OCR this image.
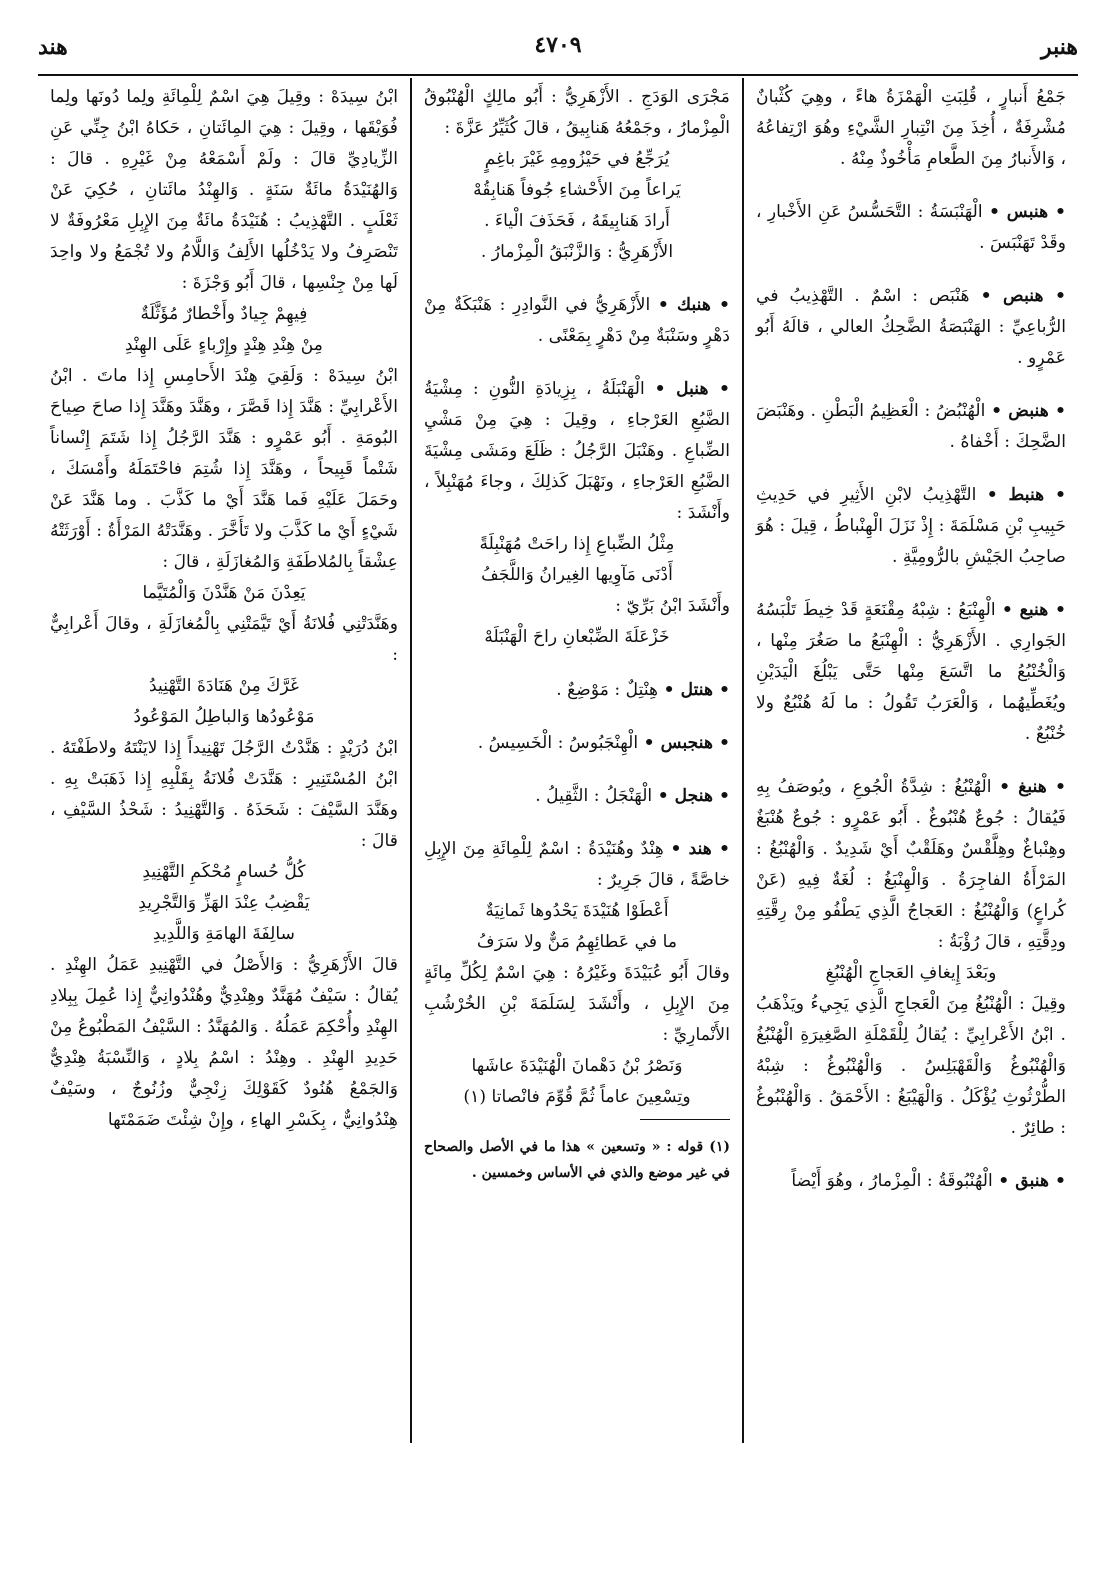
هنبر
٤٧٠٩
هند

جَمْعُ أَنبارٍ ، قُلِبَتِ الْهَمْزَةُ هاءً ، وهِيَ كُثْبانٌ مُشْرِفَةٌ ، أُخِذَ مِنَ انْتِبارِ الشَّيْءِ وهُوَ ارْتِفاعُهُ ، وَالأَنبارُ مِنَ الطَّعامِ مَأْخُوذٌ مِنْهُ .

• هنبس • الْهَنْبَسَةُ : التَّحَسُّسُ عَنِ الأَخْبارِ ، وقَدْ تَهَنْبَسَ .

• هنبص • هَنْبَص : اسْمٌ . التَّهْذِيبُ في الرُّباعِيِّ : الهَنْبَصَةُ الضَّحِكُ العالي ، قالَهُ أَبُو عَمْرٍو .

• هنبض • الْهُنْبُضُ : الْعَظِيمُ الْبَطْنِ . وهَنْبَضَ الضَّحِكَ : أَخْفاهُ .

• هنبط • التَّهْذِيبُ لابْنِ الأَثِيرِ في حَدِيثِ حَبِيبِ بْنِ مَسْلَمَةَ : إِذْ نَزَلَ الْهِنْباطُ ، قِيلَ : هُوَ صاحِبُ الجَيْشِ بالرُّومِيَّةِ .

• هنبع • الْهِنْبَعُ : شِبْهُ مِقْنَعَةٍ قَدْ خِيطَ تَلْبَسُهُ الجَوارِي . الأَزْهَرِيُّ : الْهِنْبَعُ ما صَغُرَ مِنْها ، وَالْخُنْبُعُ ما اتَّسَعَ مِنْها حَتَّى يَبْلُغَ الْيَدَيْنِ ويُغَطِّيهُما ، وَالْعَرَبُ تَقُولُ : ما لَهُ هُنْبُعٌ ولا خُنْبُعٌ .

• هنبغ • الْهُنْبُغُ : شِدَّةُ الْجُوعِ ، ويُوصَفُ بِهِ فَيُقالُ : جُوعٌ هُنْبُوغٌ . أَبُو عَمْرٍو : جُوعٌ هُنْبَغٌ وهِنْباغٌ وهِلَّقْسٌ وهَلَقْبٌ أَيْ شَدِيدٌ . وَالْهُنْبُغُ : المَرْأَةُ الفاجِرَةُ . وَالْهِنْبَغُ : لُغَةٌ فِيهِ (عَنْ كُراعٍ) وَالْهُنْبُغُ : العَجاجُ الَّذِي يَطْفُو مِنْ رِقَّتِهِ ودِقَّتِهِ ، قالَ رُؤْبَةُ :

وبَعْدَ إِيغافِ العَجاجِ الْهُنْبُغِ

وقِيلَ : الْهُنْبُغُ مِنَ الْعَجاجِ الَّذِي يَجِيءُ ويَذْهَبُ . ابْنُ الأَعْرابِيِّ : يُقالُ لِلْقَمْلَةِ الصَّغِيرَةِ الْهُنْبُغُ وَالْهُنْبُوغُ وَالْقَهْبَلِسُ . وَالْهُنْبُوغُ : شِبْهُ الطُّرْثُوثِ يُؤْكَلُ . وَالْهَيْبَغُ : الأَحْمَقُ . وَالْهُنْبُوغُ : طائِرٌ .

• هنبق • الْهُنْبُوقَةُ : الْمِزْمارُ ، وهُوَ أَيْضاً

مَجْرَى الوَدَجِ . الأَزْهَرِيُّ : أَبُو مالِكٍ الْهُنْبُوقُ الْمِزْمارُ ، وجَمْعُهُ هَنابِيقُ ، قالَ كُثَيِّرُ عَزَّةَ :

يُرَجِّعُ في حَيْزُومِهِ غَيْرَ باغِمٍ

يَراعاً مِنَ الأَحْشاءِ جُوفاً هَنابِقُهْ

أَرادَ هَنابِيقَهُ ، فَحَذَفَ الْياءَ .

الأَزْهَرِيُّ : وَالزَّنْبَقُ الْمِزْمارُ .

• هنبك • الأَزْهَرِيُّ في النَّوادِرِ : هَنْبَكَةٌ مِنْ دَهْرٍ وسَنْبَةٌ مِنْ دَهْرٍ بِمَعْنًى .

• هنبل • الْهَنْبَلَةُ ، بِزِيادَةِ النُّونِ : مِشْيَةُ الضَّبُعِ العَرْجاءِ ، وقِيلَ : هِيَ مِنْ مَشْيِ الضِّباعِ . وهَنْبَلَ الرَّجُلُ : ظَلَعَ ومَشَى مِشْيَةَ الضَّبُعِ العَرْجاءِ ، ونَهْبَلَ كَذلِكَ ، وجاءَ مُهَنْبِلاً ، وأَنْشَدَ :

مِثْلُ الضِّباعِ إِذا راحَتْ مُهَنْبِلَةً

أَدْنَى مَآوِيها الغِيرانُ وَاللَّجَفُ

وأَنْشَدَ ابْنُ بَرِّيّ :

خَزْعَلَةَ الضِّبْعانِ راحَ الْهَنْبَلَهْ

• هنتل • هِنْتِلٌ : مَوْضِعٌ .

• هنجبس • الْهِنْجَبُوسُ : الْخَسِيسُ .

• هنجل • الْهَنْجَلُ : الثَّقِيلُ .

• هند • هِنْدٌ وهُنَيْدَةُ : اسْمٌ لِلْمِائَةِ مِنَ الإِبِلِ خاصَّةً ، قالَ جَرِيرٌ :

أَعْطَوْا هُنَيْدَةَ يَحْدُوها ثَمانِيَةٌ

ما في عَطائِهِمُ مَنٌّ ولا سَرَفُ

وقالَ أَبُو عُبَيْدَةَ وغَيْرُهُ : هِيَ اسْمٌ لِكُلِّ مِائَةٍ مِنَ الإِبِلِ ، وأَنْشَدَ لِسَلَمَةَ بْنِ الخُرْشُبِ الأَنْمارِيِّ :

وَنَصْرُ بْنُ دَهْمانَ الْهُنَيْدَةَ عاشَها

وتِسْعِينَ عاماً ثُمَّ قُوِّمَ فانْصاتا (١)

(١) قوله : « وتسعين » هذا ما في الأصل والصحاح في غير موضع والذي في الأساس وخمسين .

ابْنُ سِيدَهْ : وقِيلَ هِيَ اسْمٌ لِلْمِائَةِ ولِما دُونَها ولِما فُوَيْقَها ، وقِيلَ : هِيَ المِائَتانِ ، حَكاهُ ابْنُ جِنِّي عَنِ الزِّيادِيِّ قالَ : ولَمْ أَسْمَعْهُ مِنْ غَيْرِهِ . قالَ : وَالهُنَيْدَةُ مائَةٌ سَنَةٍ . وَالهِنْدُ مائَتانِ ، حُكِيَ عَنْ ثَعْلَبٍ . التَّهْذِيبُ : هُنَيْدَةُ مائَةٌ مِنَ الإِبِلِ مَعْرُوفَةٌ لا تَنْصَرِفُ ولا يَدْخُلُها الأَلِفُ وَاللَّامُ ولا تُجْمَعُ ولا واحِدَ لَها مِنْ جِنْسِها ، قالَ أَبُو وَجْزَةَ :

فِيهِمْ جِيادٌ وأَخْطارٌ مُؤَثَّلَةٌ

مِنْ هِنْدِ هِنْدٍ وإِرْباءٍ عَلَى الهِنْدِ

ابْنُ سِيدَهْ : وَلَقِيَ هِنْدَ الأَحامِسِ إِذا ماتَ . ابْنُ الأَعْرابِيِّ : هَنَّدَ إِذا قَصَّرَ ، وهَنَّدَ وهَنَّدَ إِذا صاحَ صِياحَ البُومَةِ . أَبُو عَمْرٍو : هَنَّدَ الرَّجُلُ إِذا شَتَمَ إِنْساناً شَتْماً قَبِيحاً ، وهَنَّدَ إِذا شُتِمَ فاحْتَمَلَهُ وأَمْسَكَ ، وحَمَلَ عَلَيْهِ فَما هَنَّدَ أَيْ ما كَذَّبَ . وما هَنَّدَ عَنْ شَيْءٍ أَيْ ما كَذَّبَ ولا تَأَخَّرَ . وهَنَّدَتْهُ المَرْأَةُ : أَوْرَثَتْهُ عِشْقاً بِالمُلاطَفَةِ وَالمُغازَلَةِ ، قالَ :

يَعِدْنَ مَنْ هَنَّدْنَ وَالْمُتَيَّما

وهَنَّدَتْنِي فُلانَةُ أَيْ تَيَّمَتْنِي بِالْمُغازَلَةِ ، وقالَ أَعْرابِيٌّ :

غَرَّكَ مِنْ هَنَادَةَ التَّهْنِيدُ

مَوْعُودُها وَالباطِلُ المَوْعُودُ

ابْنُ دُرَيْدٍ : هَنَّدْتُ الرَّجُلَ تَهْنِيداً إِذا لايَنْتَهُ ولاطَفْتَهُ . ابْنُ المُسْتَنِيرِ : هَنَّدَتْ فُلانَةُ بِقَلْبِهِ إِذا ذَهَبَتْ بِهِ . وهَنَّدَ السَّيْفَ : شَحَذَهُ . وَالتَّهْنِيدُ : شَحْذُ السَّيْفِ ، قالَ :

كُلُّ حُسامٍ مُحْكَمِ التَّهْنِيدِ

يَقْضِبُ عِنْدَ الهَزِّ وَالتَّجْرِيدِ

سالِفَةَ الهامَةِ وَاللَّدِيدِ

قالَ الأَزْهَرِيُّ : وَالأَصْلُ في التَّهْنِيدِ عَمَلُ الهِنْدِ . يُقالُ : سَيْفٌ مُهَنَّدٌ وهِنْدِيٌّ وهُنْدُوانِيٌّ إِذا عُمِلَ بِبِلادِ الهِنْدِ وأُحْكِمَ عَمَلُهُ . وَالمُهَنَّدُ : السَّيْفُ المَطْبُوعُ مِنْ حَدِيدِ الهِنْدِ . وهِنْدُ : اسْمُ بِلادٍ ، وَالنِّسْبَةُ هِنْدِيٌّ وَالجَمْعُ هُنُودٌ كَقَوْلِكَ زِنْجِيٌّ وزُنُوجٌ ، وسَيْفٌ هِنْدُوانِيٌّ ، بِكَسْرِ الهاءِ ، وإِنْ شِئْتَ ضَمَمْتَها
